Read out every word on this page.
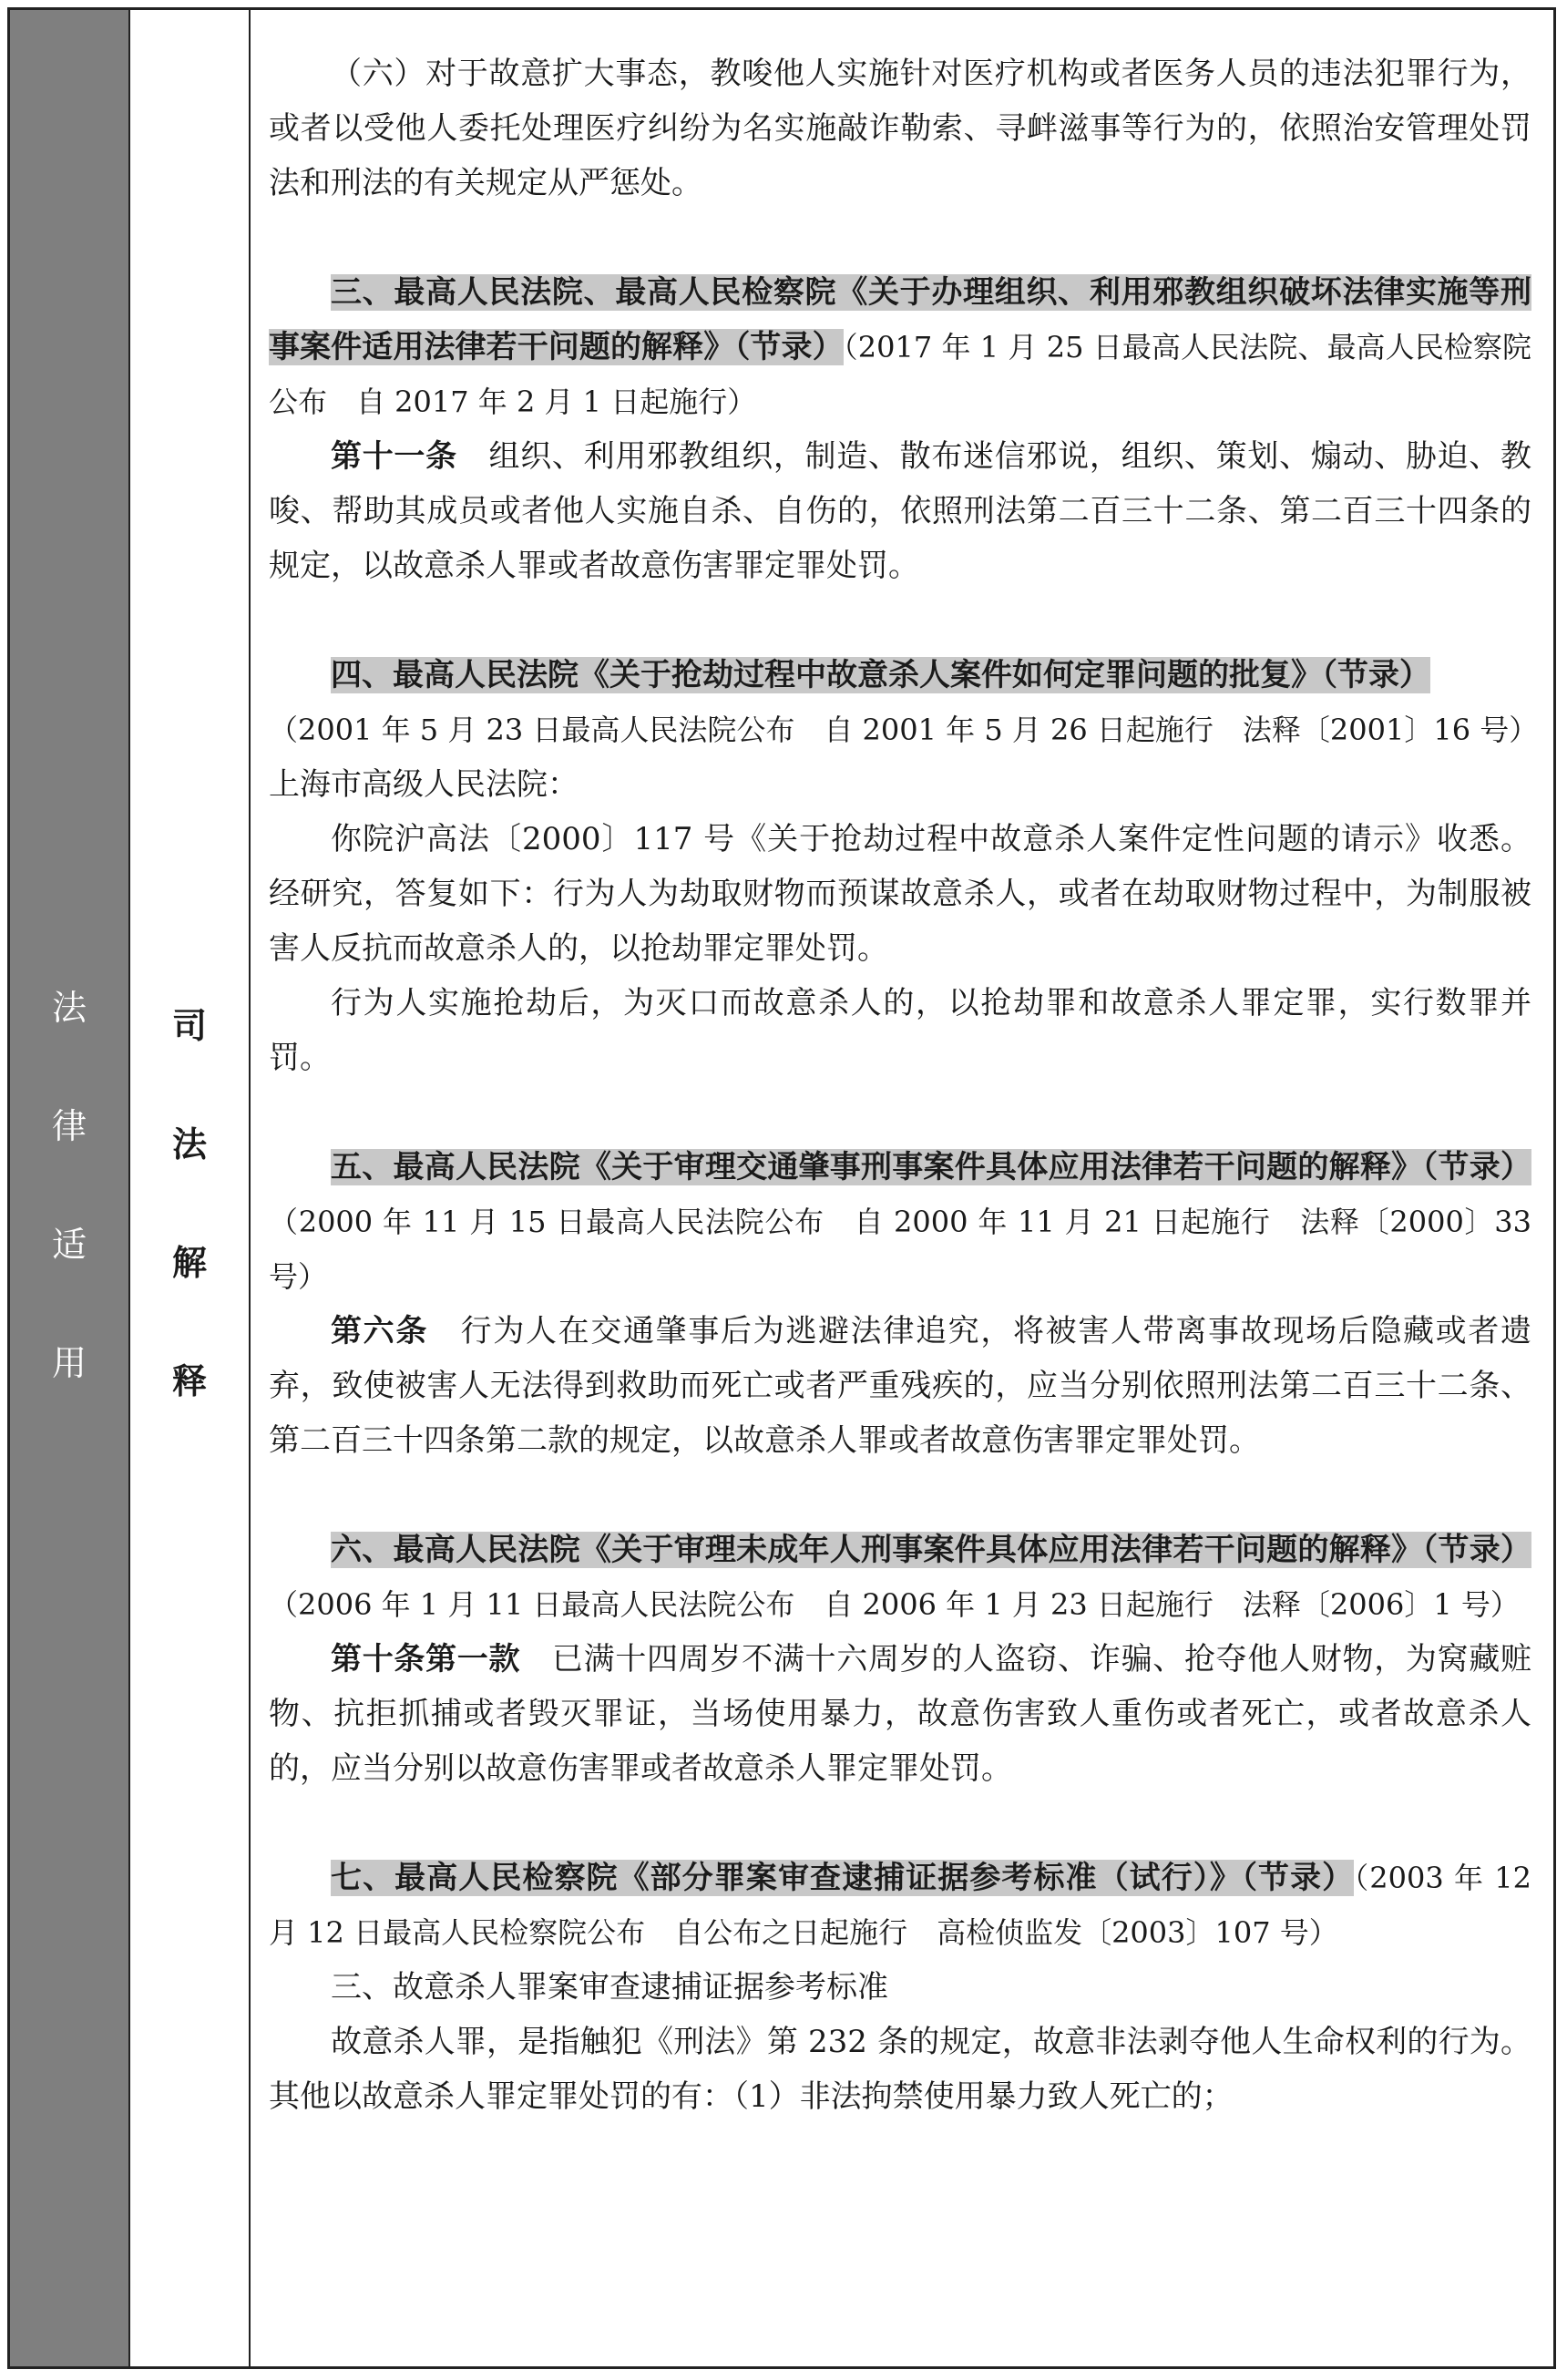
法
律
适
用
司
法
解
释

（六）对于故意扩大事态，教唆他人实施针对医疗机构或者医务人员的违法犯罪行为，或者以受他人委托处理医疗纠纷为名实施敲诈勒索、寻衅滋事等行为的，依照治安管理处罚法和刑法的有关规定从严惩处。

三、最高人民法院、最高人民检察院《关于办理组织、利用邪教组织破坏法律实施等刑事案件适用法律若干问题的解释》（节录）（2017 年 1 月 25 日最高人民法院、最高人民检察院公布　自 2017 年 2 月 1 日起施行）

第十一条　组织、利用邪教组织，制造、散布迷信邪说，组织、策划、煽动、胁迫、教唆、帮助其成员或者他人实施自杀、自伤的，依照刑法第二百三十二条、第二百三十四条的规定，以故意杀人罪或者故意伤害罪定罪处罚。

四、最高人民法院《关于抢劫过程中故意杀人案件如何定罪问题的批复》（节录）

（2001 年 5 月 23 日最高人民法院公布　自 2001 年 5 月 26 日起施行　法释〔2001〕16 号）

上海市高级人民法院：

你院沪高法〔2000〕117 号《关于抢劫过程中故意杀人案件定性问题的请示》收悉。经研究，答复如下：行为人为劫取财物而预谋故意杀人，或者在劫取财物过程中，为制服被害人反抗而故意杀人的，以抢劫罪定罪处罚。

行为人实施抢劫后，为灭口而故意杀人的，以抢劫罪和故意杀人罪定罪，实行数罪并罚。

五、最高人民法院《关于审理交通肇事刑事案件具体应用法律若干问题的解释》（节录）（2000 年 11 月 15 日最高人民法院公布　自 2000 年 11 月 21 日起施行　法释〔2000〕33 号）

第六条　行为人在交通肇事后为逃避法律追究，将被害人带离事故现场后隐藏或者遗弃，致使被害人无法得到救助而死亡或者严重残疾的，应当分别依照刑法第二百三十二条、第二百三十四条第二款的规定，以故意杀人罪或者故意伤害罪定罪处罚。

六、最高人民法院《关于审理未成年人刑事案件具体应用法律若干问题的解释》（节录）（2006 年 1 月 11 日最高人民法院公布　自 2006 年 1 月 23 日起施行　法释〔2006〕1 号）

第十条第一款　已满十四周岁不满十六周岁的人盗窃、诈骗、抢夺他人财物，为窝藏赃物、抗拒抓捕或者毁灭罪证，当场使用暴力，故意伤害致人重伤或者死亡，或者故意杀人的，应当分别以故意伤害罪或者故意杀人罪定罪处罚。

七、最高人民检察院《部分罪案审查逮捕证据参考标准（试行）》（节录）（2003 年 12 月 12 日最高人民检察院公布　自公布之日起施行　高检侦监发〔2003〕107 号）

三、故意杀人罪案审查逮捕证据参考标准

故意杀人罪，是指触犯《刑法》第 232 条的规定，故意非法剥夺他人生命权利的行为。其他以故意杀人罪定罪处罚的有：（1）非法拘禁使用暴力致人死亡的；
